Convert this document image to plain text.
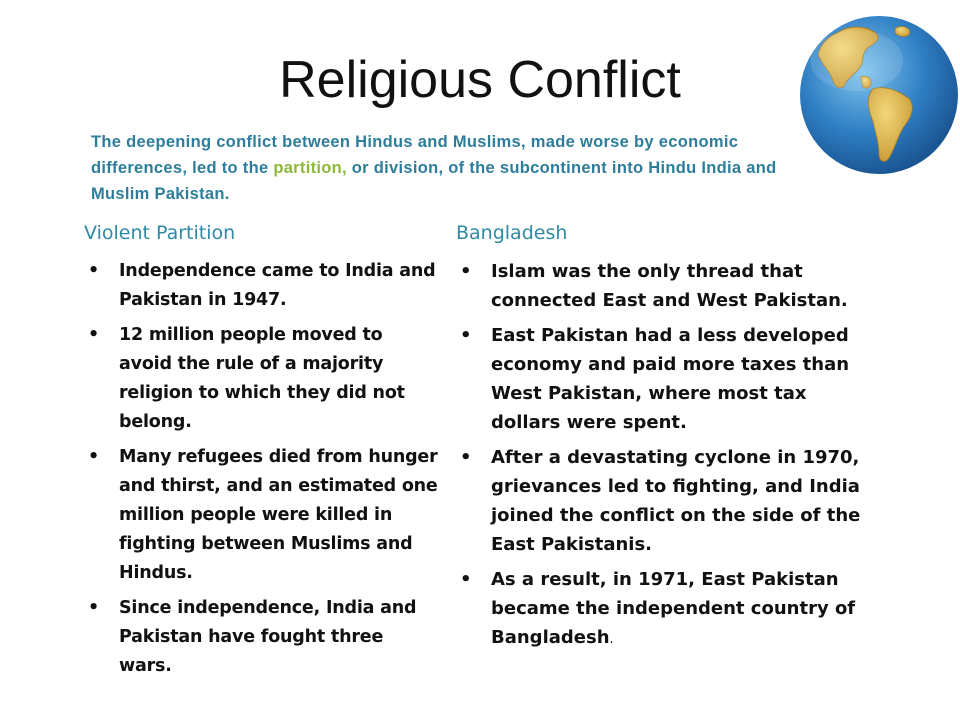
Religious Conflict
The deepening conflict between Hindus and Muslims, made worse by economic differences, led to the partition, or division, of the subcontinent into Hindu India and Muslim Pakistan.
Violent Partition
• Independence came to India and Pakistan in 1947.
• 12 million people moved to avoid the rule of a majority religion to which they did not belong.
• Many refugees died from hunger and thirst, and an estimated one million people were killed in fighting between Muslims and Hindus.
• Since independence, India and Pakistan have fought three wars.
Bangladesh
• Islam was the only thread that connected East and West Pakistan.
• East Pakistan had a less developed economy and paid more taxes than West Pakistan, where most tax dollars were spent.
• After a devastating cyclone in 1970, grievances led to fighting, and India joined the conflict on the side of the East Pakistanis.
• As a result, in 1971, East Pakistan became the independent country of Bangladesh.
